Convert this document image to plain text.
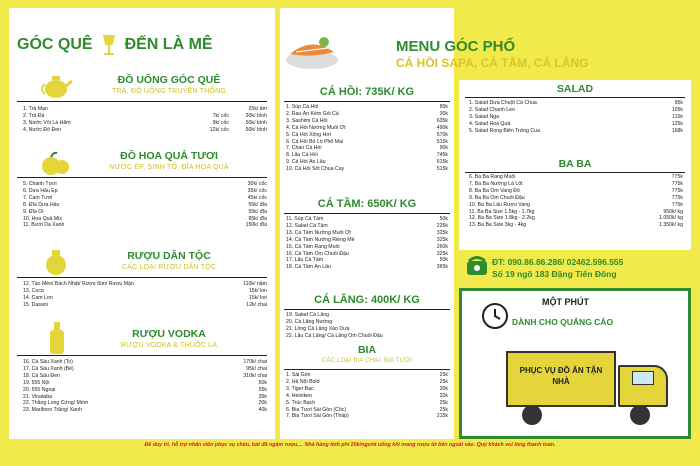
GÓC QUÊ ĐẾN LÀ MÊ
ĐỒ UỐNG GÓC QUÊ
TRÀ, ĐỒ UỐNG TRUYỀN THỐNG
1. Trà Mạn	25k/ ấm
2. Trà Đá	7k/ cốc	30k/ bình
3. Nước Vối Lá Hãm	9k/ cốc	50k/ bình
4. Nước Đỗ Đen	12k/ cốc	50k/ bình
ĐỒ HOA QUẢ TƯƠI
NƯỚC ÉP, SINH TỐ, ĐĨA HOA QUẢ
5. Chanh Tươi	30k/ cốc
6. Dưa Hấu Ép	35k/ cốc
7. Cam Tươi	45k/ cốc
8. Đĩa Dưa Hấu	55k/ đĩa
9. Đĩa Ổi	55k/ đĩa
10. Hoa Quả Mix	85k/ đĩa
11. Bưởi Da Xanh	150k/ đĩa
RƯỢU DÂN TỘC
CÁC LOẠI RƯỢU DÂN TỘC
12. Táo Mèo/ Bách Nhật/ Rượu Sim/ Rượu Mận	110k/ nậm
13. Cocα	15k/ lon
14. Cam Lon	15k/ lon
15. Dasani	12k/ chai
RƯỢU VODKA
RƯỢU VODKA & THUỐC LÁ
16. Cá Sấu Xanh (To)	170k/ chai
17. Cá Sấu Xanh (Bé)	95k/ chai
18. Cá Sấu Đen	310k/ chai
19. 555 Nội	50k
20. 555 Ngoại	55k
21. Vinataba	35k
22. Thăng Long Cứng/ Mềm	20k
23. Marlboro Trắng/ Xanh	40k
MENU GÓC PHỐ
CÁ HỒI: 735K/ KG
1. Súp Cá Hồi	85k
2. Rau Ăn Kèm Gỏi Cá	30k
3. Sashimi Cá Hồi	635k
4. Cá Hồi Nướng Muối Ớt	490k
5. Cá Hồi Xông Hơi	570k
6. Cá Hồi Bỏ Lò Phô Mai	515k
7. Cháo Cá Hồi	90k
8. Lẩu Cá Hồi	745k
9. Cá Hồi Ăn Lẩu	615k
10. Cá Hồi Sốt Chua Cay	515k
CÁ TẦM: 650K/ KG
11. Súp Cá Tầm	50k
12. Salad Cá Tầm	225k
13. Cá Tầm Nướng Muối Ớt	325k
14. Cá Tầm Nướng Riềng Mẻ	325k
15. Cá Tầm Rang Muối	260k
16. Cá Tầm Om Chuối Đậu	325k
17. Lẩu Cá Tầm	50k
18. Cá Tầm Ăn Lẩu	365k
CÁ LĂNG: 400K/ KG
19. Salad Cá Lăng
20. Cá Lăng Nướng
21. Lòng Cá Lăng Xào Dưa
22. Lẩu Cá Lăng/ Cá Lăng Om Chuối Đậu
BIA
CÁC LOẠI BIA CHAI, BIA TƯƠI
1. Sài Gòn	25k
2. Hà Nội Bold	25k
3. Tiger Bạc	30k
4. Heiniken	32k
5. Trúc Bạch	25k
6. Bia Tươi Sài Gòn (Cốc)	25k
7. Bia Tươi Sài Gòn (Tháp)	215k
CÁ HỒI SAPA, CÁ TẦM, CÁ LĂNG
SALAD
1. Salad Dưa Chuột Cà Chua	95k
2. Salad Chanh Leo	105k
3. Salad Nga	115k
4. Salad Hoa Quả	125k
5. Salad Rong Biển Trứng Cua	168k
BA BA
6. Ba Ba Rang Muối	775k
7. Ba Ba Nướng Lá Lốt	775k
8. Ba Ba Om Vang Đỏ	775k
9. Ba Ba Om Chuối Đậu	775k
10. Ba Ba Lẩu Rượu Vang	775k
11. Ba Ba Size 1.5kg - 1.7kg	950k/ kg
12. Ba Ba Size 1.8kg - 2.2kg	1.050k/ kg
13. Ba Ba Size 3kg - 4kg	1.350k/ kg
ĐT: 090.86.86.286/ 02462.596.555
Số 19 ngõ 183 Đặng Tiến Đông
MỘT PHÚT
DÀNH CHO QUẢNG CÁO
PHỤC VỤ ĐỒ ĂN TẬN NHÀ
Để duy trì, hỗ trợ nhân viên phục vụ chén, bát đã ngâm rượu,... Nhà hàng tính phí 20k/người uống khi mang rượu từ bên ngoài vào. Quý khách vui lòng thanh toán.
